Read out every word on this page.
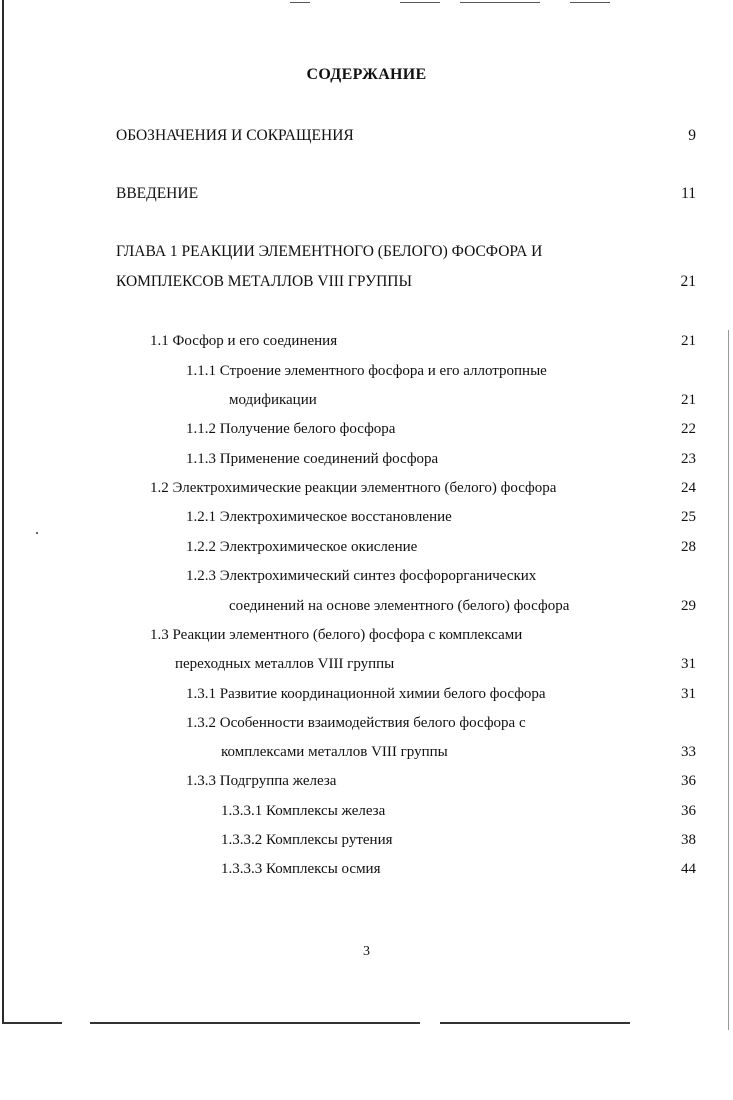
СОДЕРЖАНИЕ
ОБОЗНАЧЕНИЯ И СОКРАЩЕНИЯ	9
ВВЕДЕНИЕ	11
ГЛАВА 1 РЕАКЦИИ ЭЛЕМЕНТНОГО (БЕЛОГО) ФОСФОРА И
КОМПЛЕКСОВ МЕТАЛЛОВ VIII ГРУППЫ	21
1.1 Фосфор и его соединения	21
1.1.1 Строение элементного фосфора и его аллотропные
модификации	21
1.1.2 Получение белого фосфора	22
1.1.3 Применение соединений фосфора	23
1.2 Электрохимические реакции элементного (белого) фосфора	24
1.2.1 Электрохимическое восстановление	25
1.2.2 Электрохимическое окисление	28
1.2.3 Электрохимический синтез фосфорорганических
соединений на основе элементного (белого) фосфора	29
1.3 Реакции элементного (белого) фосфора с комплексами
переходных металлов VIII группы	31
1.3.1 Развитие координационной химии белого фосфора	31
1.3.2 Особенности взаимодействия белого фосфора с
комплексами металлов VIII группы	33
1.3.3 Подгруппа железа	36
1.3.3.1 Комплексы железа	36
1.3.3.2 Комплексы рутения	38
1.3.3.3 Комплексы осмия	44
3
